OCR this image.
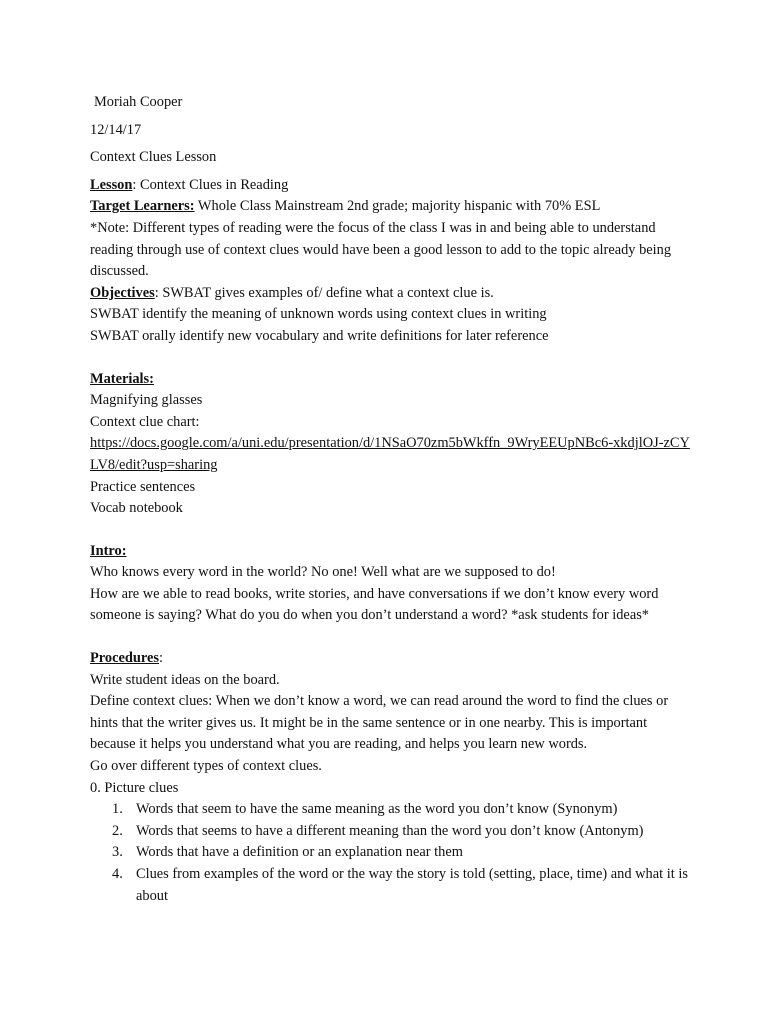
Moriah Cooper
12/14/17
Context Clues Lesson
Lesson: Context Clues in Reading
Target Learners: Whole Class Mainstream 2nd grade; majority hispanic with 70% ESL
*Note: Different types of reading were the focus of the class I was in and being able to understand reading through use of context clues would have been a good lesson to add to the topic already being discussed.
Objectives: SWBAT gives examples of/ define what a context clue is.
SWBAT identify the meaning of unknown words using context clues in writing
SWBAT orally identify new vocabulary and write definitions for later reference
Materials:
Magnifying glasses
Context clue chart:
https://docs.google.com/a/uni.edu/presentation/d/1NSaO70zm5bWkffn_9WryEEUpNBc6-xkdjlOJ-zCYLV8/edit?usp=sharing
Practice sentences
Vocab notebook
Intro:
Who knows every word in the world? No one! Well what are we supposed to do!
How are we able to read books, write stories, and have conversations if we don’t know every word someone is saying? What do you do when you don’t understand a word? *ask students for ideas*
Procedures:
Write student ideas on the board.
Define context clues: When we don’t know a word, we can read around the word to find the clues or hints that the writer gives us. It might be in the same sentence or in one nearby. This is important because it helps you understand what you are reading, and helps you learn new words.
Go over different types of context clues.
0. Picture clues
1. Words that seem to have the same meaning as the word you don’t know (Synonym)
2. Words that seems to have a different meaning than the word you don’t know (Antonym)
3. Words that have a definition or an explanation near them
4. Clues from examples of the word or the way the story is told (setting, place, time) and what it is about
